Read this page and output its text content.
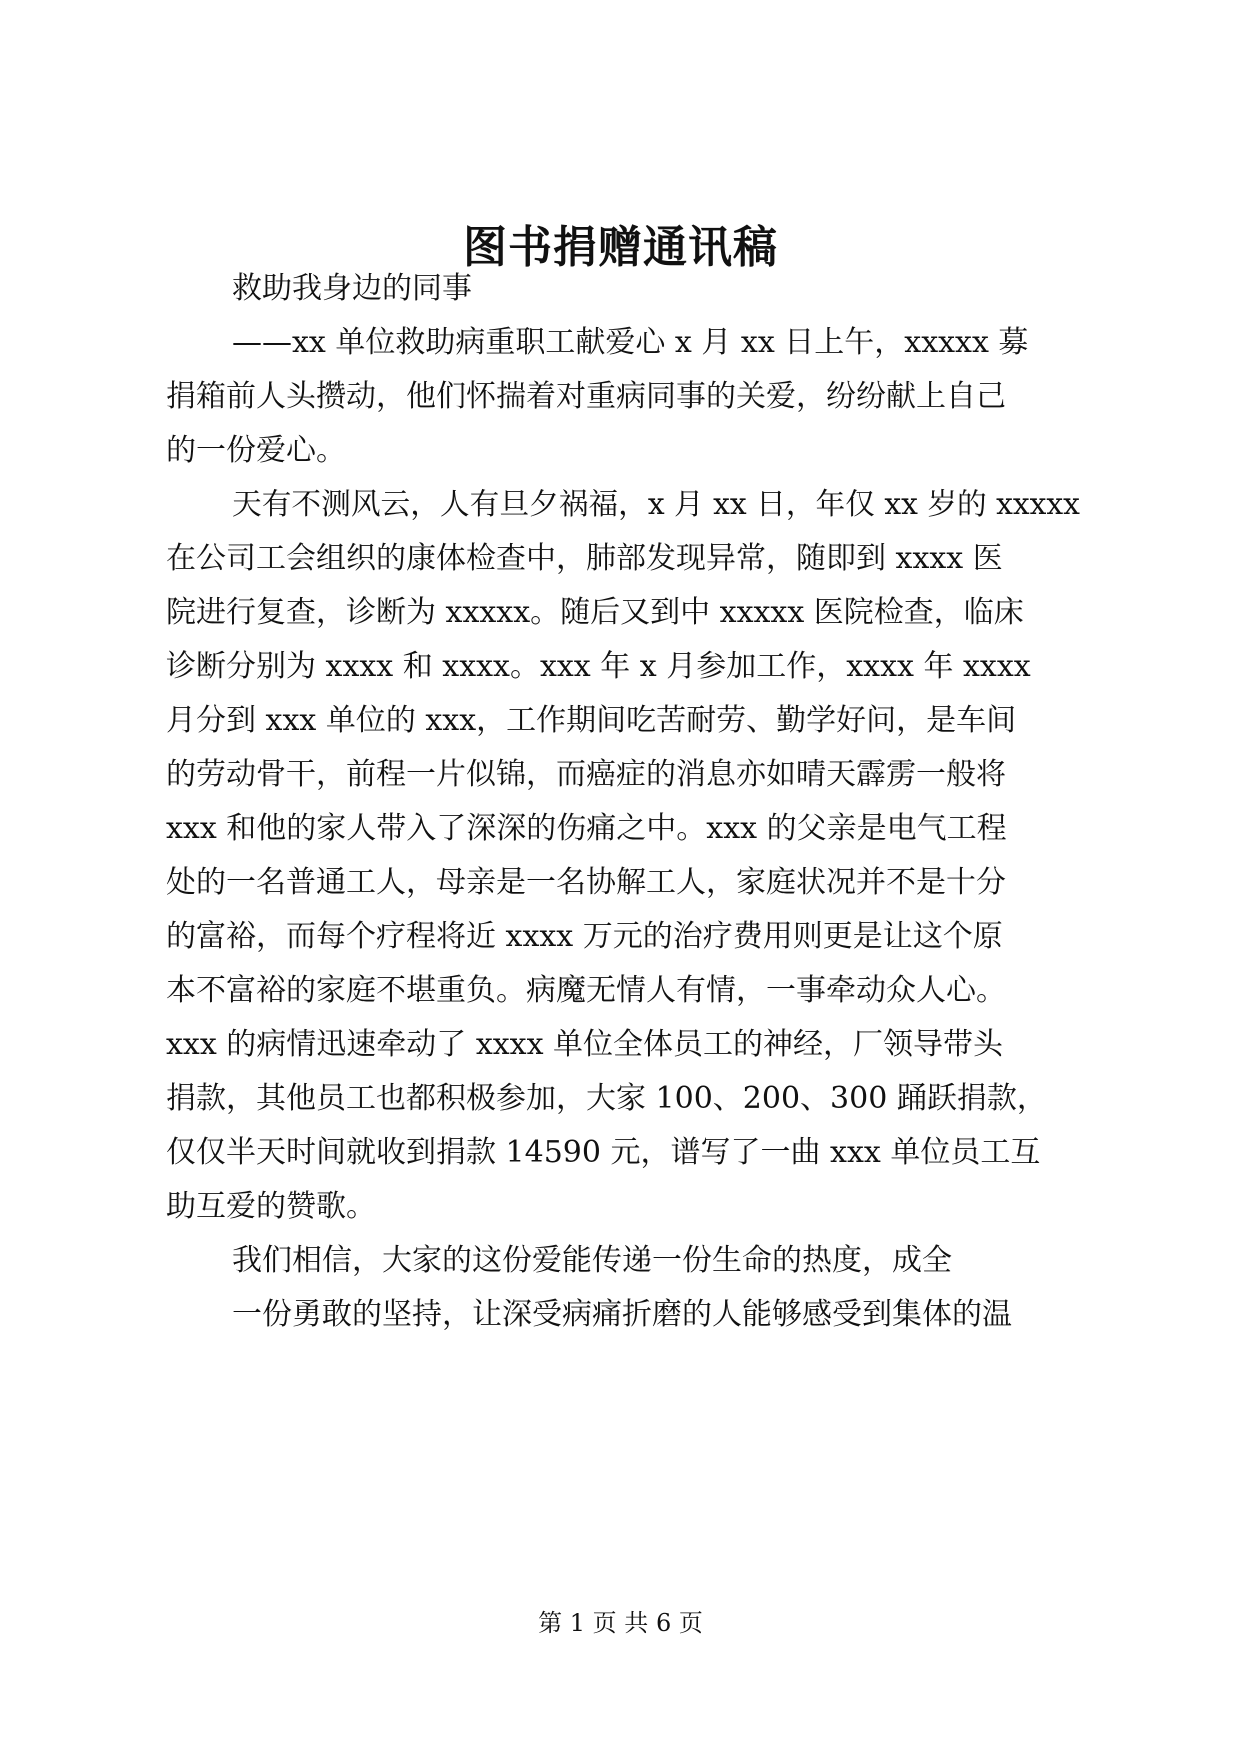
图书捐赠通讯稿
救助我身边的同事
——xx 单位救助病重职工献爱心 x 月 xx 日上午，xxxxx 募
捐箱前人头攒动，他们怀揣着对重病同事的关爱，纷纷献上自己
的一份爱心。
天有不测风云，人有旦夕祸福，x 月 xx 日，年仅 xx 岁的 xxxxx
在公司工会组织的康体检查中，肺部发现异常，随即到 xxxx 医
院进行复查，诊断为 xxxxx。随后又到中 xxxxx 医院检查，临床
诊断分别为 xxxx 和 xxxx。xxx 年 x 月参加工作，xxxx 年 xxxx
月分到 xxx 单位的 xxx，工作期间吃苦耐劳、勤学好问，是车间
的劳动骨干，前程一片似锦，而癌症的消息亦如晴天霹雳一般将
xxx 和他的家人带入了深深的伤痛之中。xxx 的父亲是电气工程
处的一名普通工人，母亲是一名协解工人，家庭状况并不是十分
的富裕，而每个疗程将近 xxxx 万元的治疗费用则更是让这个原
本不富裕的家庭不堪重负。病魔无情人有情，一事牵动众人心。
xxx 的病情迅速牵动了 xxxx 单位全体员工的神经，厂领导带头
捐款，其他员工也都积极参加，大家 100、200、300 踊跃捐款，
仅仅半天时间就收到捐款 14590 元，谱写了一曲 xxx 单位员工互
助互爱的赞歌。
我们相信，大家的这份爱能传递一份生命的热度，成全
一份勇敢的坚持，让深受病痛折磨的人能够感受到集体的温
第 1 页 共 6 页
